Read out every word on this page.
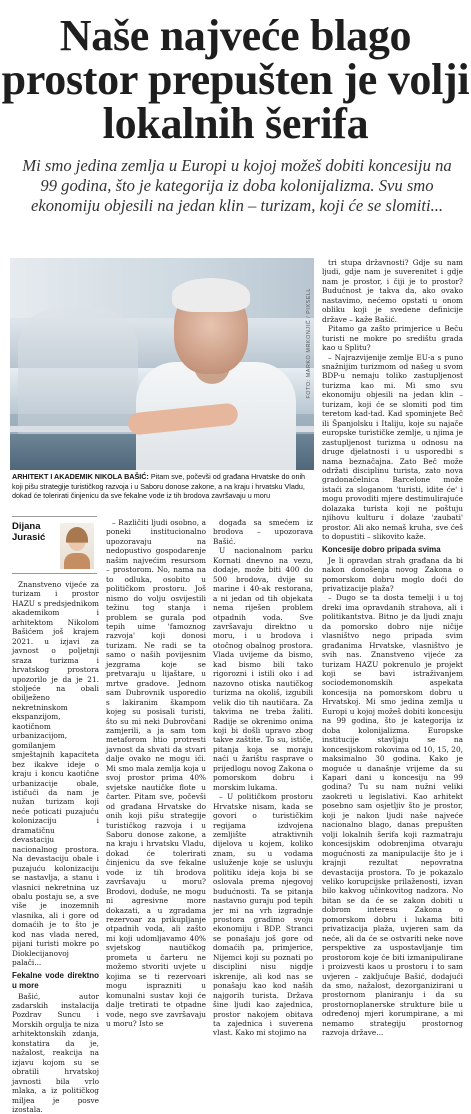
Naše najveće blago prostor prepušten je volji lokalnih šerifa
Mi smo jedina zemlja u Europi u kojoj možeš dobiti koncesiju na 99 godina, što je kategorija iz doba kolonijalizma. Svu smo ekonomiju objesili na jedan klin – turizam, koji će se slomiti...
FOTO: MARKO MRKONJIĆ / PIXSELL
ARHITEKT I AKADEMIK NIKOLA BAŠIĆ: Pitam sve, počevši od građana Hrvatske do onih koji pišu strategije turističkog razvoja i u Saboru donose zakone, a na kraju i hrvatsku Vladu, dokad će tolerirati činjenicu da sve fekalne vode iz tih brodova završavaju u moru
Dijana
Jurasić

Znanstveno vijeće za turizam i prostor HAZU s predsjednikom akademikom i arhitektom Nikolom Bašićem još krajem 2021. u izjavi za javnost o poljetnji sraza turizma i hrvatskog prostora upozorilo je da je 21. stoljeće na obali obilježeno nekretninskom ekspanzijom, kaotičnom urbanizacijom, gomilanjem smještajnih kapaciteta bez ikakve ideje o kraju i koncu kaotične urbanizacije obale, ističući da nam je nužan turizam koji neće poticati puzajuću kolonizaciju i dramatičnu devastaciju nacionalnog prostora. Na devastaciju obale i puzajuću kolonizaciju se nastavlja, a stanu i vlasnici nekretnina uz obalu postaju se, a sve više je inozemnih vlasnika, ali i gore od domaćih je to što je kod nas vlada nered, pijani turisti mokre po Dioklecijanovoj palači...

Fekalne vode direktno u more

Bašić, autor zadarskih instalacija Pozdrav Suncu i Morskih orgulja te niza arhitektonskih zdanja, konstatira da je, nažalost, reakcija na izjavu kojom su se obratili hrvatskoj javnosti bila vrlo mlaka, a iz političkog miljea je posve izostala.

– Različiti ljudi osobno, a ponekі institucionalno upozoravaju na nedopustivo gospodarenje našim najvećim resursom – prostorom. No, nama na to odluka, osobito u političkom prostoru. Još nismo do volju osvijestili težinu tog stanja i problem se gurala pod tepih uime 'famoznog razvoja' koji donosi turizam. Ne radi se ta samo o naših povijesnim jezgrama koje se pretvaraju u lijaštare, u mrtve gradove. Jednom sam Dubrovnik usporedio s lakiranim škampom kojeg su posisali turisti, što su mi neki Dubrovčani zamjerili, a ja sam tom metaforom htio protresti javnost da shvati da stvari dalje ovako ne mogu ići. Mi smo mala zemlja koja u svoj prostor prima 40% svjetske nautičke flote u čarter. Pitam sve, počevši od građana Hrvatske do onih koji pišu strategije turističkog razvoja i u Saboru donose zakone, a na kraju i hrvatsku Vladu, dokad će tolerirati činjenicu da sve fekalne vode iz tih brodova završavaju u moru? Brodovi, doduše, ne mogu ni agresivne more dokazati, a u zgradama rezervoar za prikupljanje otpadnih voda, ali zašto mi koji udomljavamo 40% svjetskog nautičkog prometa u čarteru ne možemo stvoriti uvjete u kojima se ti rezervoari mogu isprazniti u komunalni sustav koji će dalje tretirati te otpadne vode, nego sve završavaju u moru? Isto se

događa sa smećem iz brodova – upozorava Bašić.

U nacionalnom parku Kornati dnevno na vezu, dodaje, može biti 400 do 500 brodova, dvije su marine i 40-ak restorana, a ni jedan od tih objekata nema riješen problem otpadnih voda. Sve završavaju direktno u moru, i u brodova i otočnog obalnog prostora. Vlada uviјeme da bismo, kad bismo bili tako rigorozni i istili oko i ad nazovno otiska nautičkog turizma na okoliš, izgubili velik dio tih nautičara. Za takvima ne treba žaliti. Radije se okrenimo onima koji bi došli upravo zbog takve zaštite. To su, ističe, pitanja koja se moraju naći u žarištu rasprave o prijedlogu novog Zakona o pomorskom dobru i morskim lukama.

– U političkom prostoru Hrvatske nisam, kada se govori o turističkim regijama izdvojena zemljište atraktivnih dijelova u kojem, koliko znam, su u vodama usluženje koje se usluvju politiku ideja koja bi se oslovala prema njegovoj budućnosti. Ta se pitanja nastavno guraju pod tepih jer mi na vrh izgradnje prostora gradimo svoju ekonomiju i BDP. Stranci se ponašaju još gore od domaćih pa, primjerice, Nijemci koji su poznati po disciplini nisu nigdje iskrenije, ali kod nas se ponašaju kao kod naših najgorih turista. Država šine ljudi kao zajednica, prostor nakojem obitava ta zajednica i suverena vlast. Kako mi stojimo na

tri stupa državnosti? Gdje su nam ljudi, gdje nam je suverenitet i gdje nam je prostor, i čiji je to prostor? Budućnost je takva da, ako ovako nastavimo, nećemo opstati u onom obliku koji je svedene definicije države – kaže Bašić.

Pitamo ga zašto primjerice u Beču turisti ne mokre po središtu grada kao u Splitu?

– Najrazvijenije zemlje EU-a s puno snažnijim turizmom od našeg u svom BDP-u nemaju toliko zastupljenost turizma kao mi. Mi smo svu ekonomiju objesili na jedan klin – turizam, koji će se slomiti pod tim teretom kad-tad. Kad spominjete Beč ili Španjolsku i Italiju, koje su najače europske turističke zemlje, u njima je zastupljenost turizma u odnosu na druge djelatnosti i u usporedbi s nama beznačajna. Zato Beč može održati disciplinu turista, zato nova gradonačelnica Barcelone može istaći za sloganom 'turisti, idite će' i mogu provoditi mjere destimulirajuće dolazaka turista koji ne poštuju njihovu kulturu i dolaze 'zaubati' prostor. Ali ako nemaš kruha, sve ćeš to dopustiti – slikovito kaže.

Koncesije dobro pripada svima

Je li opravdan strah građana da bi nakon donošenja novog Zakona o pomorskom dobru moglo doći do privatizacije plaža?

– Dugo se ta dosta temelji i u toj dreki ima opravdanih strahova, ali i politikantstva. Bitno je da ljudi znaju da pomorsko dobro nije ničije vlasništvo nego pripada svim građanima Hrvatske, vlasništvo je svih nas. Znanstveno vijeće za turizam HAZU pokrenulo je projekt koji se bavi istraživanjem sociodemonomskih aspekata koncesija na pomorskom dobru u Hrvatskoj. Mi smo jedina zemlja u Europi u kojoj možeš dobiti koncesiju na 99 godina, što je kategorija iz doba kolonijalizma. Europske institucije stavljaju se na koncesijskom rokovima od 10, 15, 20, maksimalno 30 godina. Kako je moguće u današnje vrijeme da su Kapari dani u koncesiju na 99 godina? Tu su nam nužni veliki zaokreti u legislativi. Kao arhitekt posebno sam osjetljiv što je prostor, koji je nakon ljudi naše najveće nacionalno blago, danas prepušten volji lokalnih šerifa koji razmatraju koncesijskim odobrenjima otvaraju mogućnosti za manipulacije što je i krajnji rezultat nepovratna devastacija prostora. To je pokazalo veliko korupcijske prilaženosti, izvan bilo kakvog učinkovitog nadzora. No bitan se da će se zakon dobiti u dobrom interesu Zakona o pomorskom dobru i lukama biti privatizacija plaža, uvjeren sam da neće, ali da će se ostvariti neke nove perspektive za uspostavljanje tim prostorom koje će biti izmanipulirane i proizvesti kaos u prostoru i to sam uvjeren – zaključuje Bašić, dodajući da smo, nažalost, dezorganizirani u prostornom planiranju i da su prostornoplanerske strukture bile u određenoj mjeri korumpirane, a mi nemamo strategiju prostornog razvoja države...
